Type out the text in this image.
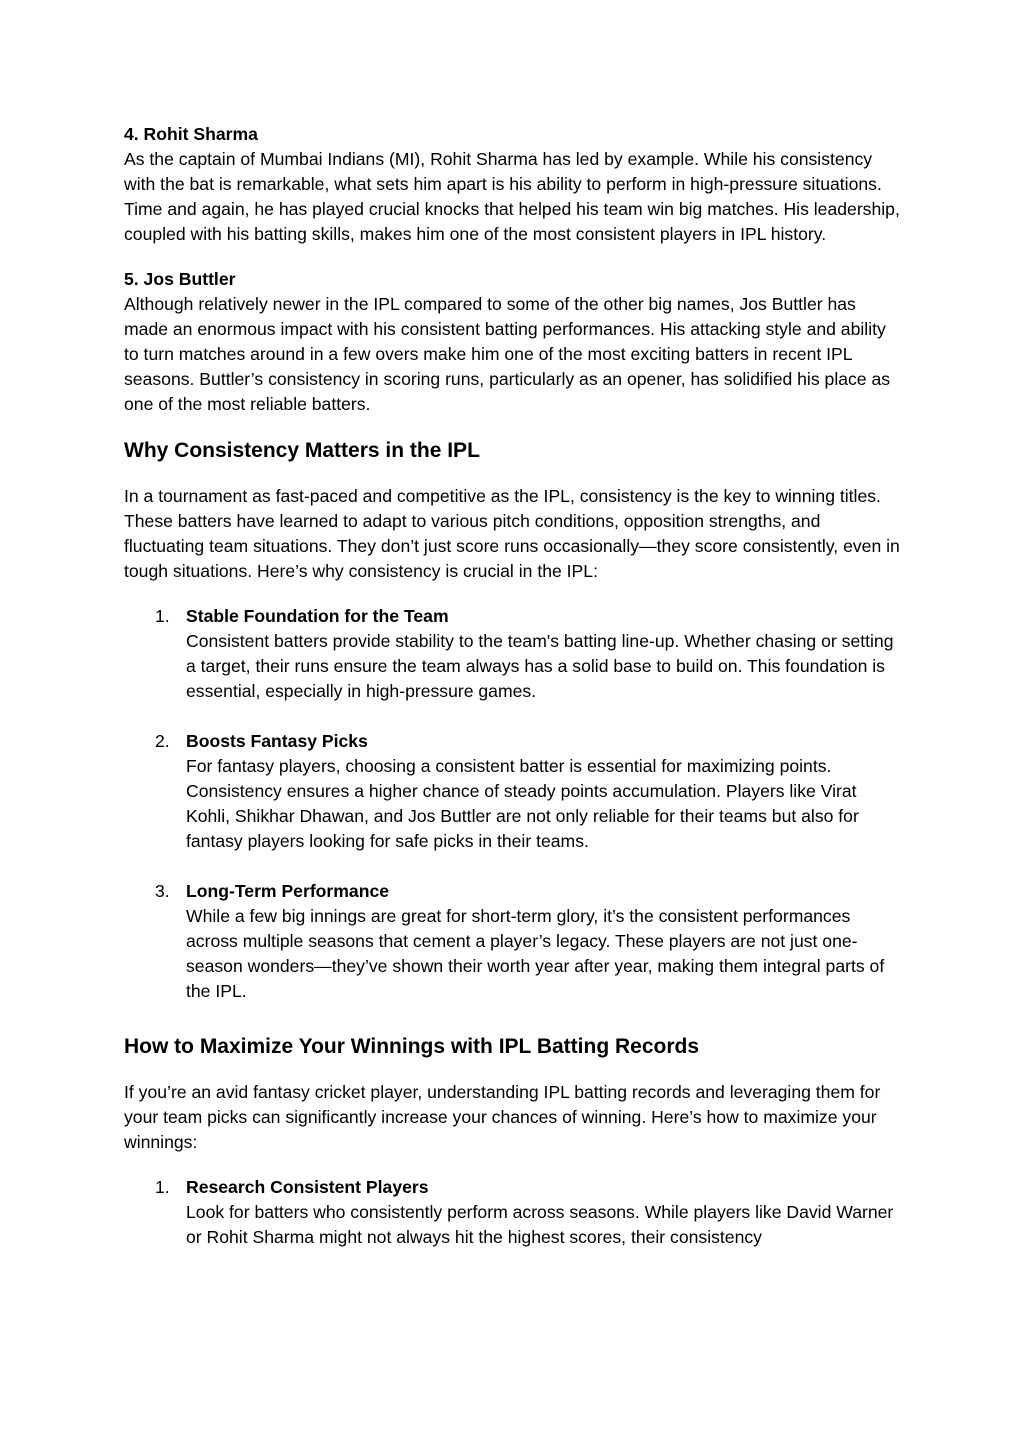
4. Rohit Sharma
As the captain of Mumbai Indians (MI), Rohit Sharma has led by example. While his consistency with the bat is remarkable, what sets him apart is his ability to perform in high-pressure situations. Time and again, he has played crucial knocks that helped his team win big matches. His leadership, coupled with his batting skills, makes him one of the most consistent players in IPL history.

5. Jos Buttler
Although relatively newer in the IPL compared to some of the other big names, Jos Buttler has made an enormous impact with his consistent batting performances. His attacking style and ability to turn matches around in a few overs make him one of the most exciting batters in recent IPL seasons. Buttler’s consistency in scoring runs, particularly as an opener, has solidified his place as one of the most reliable batters.

Why Consistency Matters in the IPL

In a tournament as fast-paced and competitive as the IPL, consistency is the key to winning titles. These batters have learned to adapt to various pitch conditions, opposition strengths, and fluctuating team situations. They don’t just score runs occasionally—they score consistently, even in tough situations. Here’s why consistency is crucial in the IPL:

1. Stable Foundation for the Team
Consistent batters provide stability to the team's batting line-up. Whether chasing or setting a target, their runs ensure the team always has a solid base to build on. This foundation is essential, especially in high-pressure games.
2. Boosts Fantasy Picks
For fantasy players, choosing a consistent batter is essential for maximizing points. Consistency ensures a higher chance of steady points accumulation. Players like Virat Kohli, Shikhar Dhawan, and Jos Buttler are not only reliable for their teams but also for fantasy players looking for safe picks in their teams.
3. Long-Term Performance
While a few big innings are great for short-term glory, it’s the consistent performances across multiple seasons that cement a player’s legacy. These players are not just one-season wonders—they’ve shown their worth year after year, making them integral parts of the IPL.
How to Maximize Your Winnings with IPL Batting Records

If you’re an avid fantasy cricket player, understanding IPL batting records and leveraging them for your team picks can significantly increase your chances of winning. Here’s how to maximize your winnings:

1. Research Consistent Players
Look for batters who consistently perform across seasons. While players like David Warner or Rohit Sharma might not always hit the highest scores, their consistency
